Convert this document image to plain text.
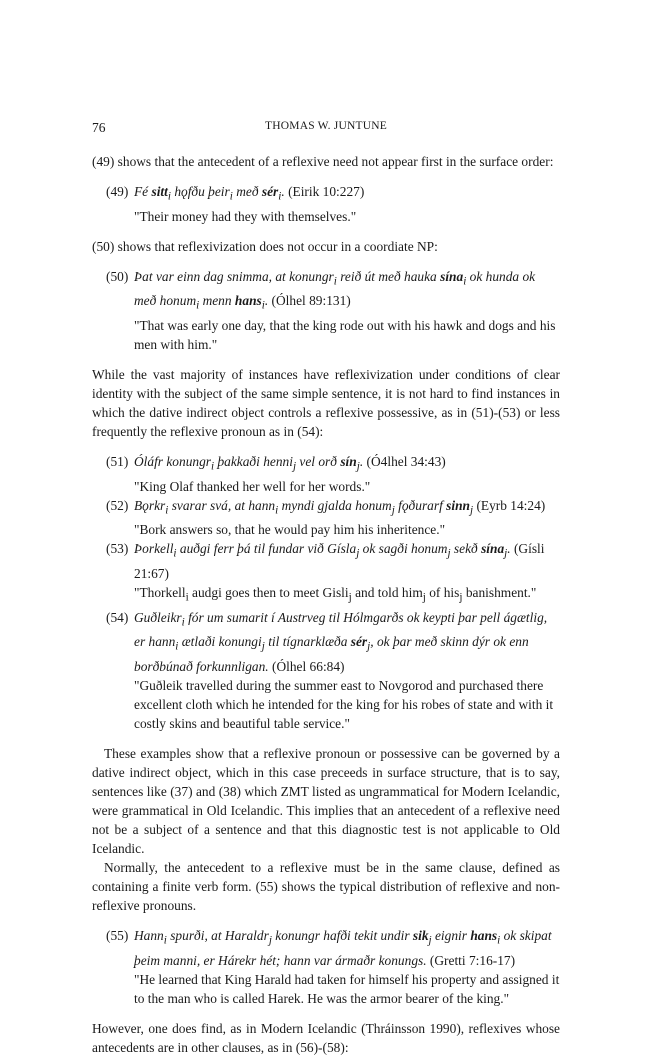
76	THOMAS W. JUNTUNE

(49) shows that the antecedent of a reflexive need not appear first in the surface order:

(49) Fé sitt$_i$ hǫfðu þeir$_i$ með sér$_i$. (Eirik 10:227)

"Their money had they with themselves."

(50) shows that reflexivization does not occur in a coordiate NP:

(50) Þat var einn dag snimma, at konungr$_i$ reið út með hauka sína$_i$ ok hunda ok með honum$_i$ menn hans$_i$. (Ólhel 89:131)

"That was early one day, that the king rode out with his hawk and dogs and his men with him."

While the vast majority of instances have reflexivization under conditions of clear identity with the subject of the same simple sentence, it is not hard to find instances in which the dative indirect object controls a reflexive possessive, as in (51)-(53) or less frequently the reflexive pronoun as in (54):

(51) Óláfr konungr$_i$ þakkaði henni$_j$ vel orð sín$_j$. (Ó4lhel 34:43)

"King Olaf thanked her well for her words."

(52) Bǫrkr$_i$ svarar svá, at hann$_i$ myndi gjalda honum$_j$ fǫðurarf sinn$_j$ (Eyrb 14:24)

"Bork answers so, that he would pay him his inheritence."

(53) Þorkell$_i$ auðgi ferr þá til fundar við Gísla$_j$ ok sagði honum$_j$ sekð sína$_j$. (Gísli 21:67)

"Thorkell$_i$ audgi goes then to meet Gisli$_j$ and told him$_j$ of his$_j$ banishment."

(54) Guðleikr$_i$ fór um sumarit í Austrveg til Hólmgarðs ok keypti þar pell ágætlig, er hann$_i$ ætlaði konungi$_j$ til tígnarklæða sér$_j$, ok þar með skinn dýr ok enn borðbúnað forkunnligan. (Ólhel 66:84)

"Guðleik travelled during the summer east to Novgorod and purchased there excellent cloth which he intended for the king for his robes of state and with it costly skins and beautiful table service."

These examples show that a reflexive pronoun or possessive can be governed by a dative indirect object, which in this case preceeds in surface structure, that is to say, sentences like (37) and (38) which ZMT listed as ungrammatical for Modern Icelandic, were grammatical in Old Icelandic. This implies that an antecedent of a reflexive need not be a subject of a sentence and that this diagnostic test is not applicable to Old Icelandic.

Normally, the antecedent to a reflexive must be in the same clause, defined as containing a finite verb form. (55) shows the typical distribution of reflexive and non-reflexive pronouns.

(55) Hann$_i$ spurði, at Haraldr$_j$ konungr hafði tekit undir sik$_j$ eignir hans$_i$ ok skipat þeim manni, er Hárekr hét; hann var ármaðr konungs. (Gretti 7:16-17)

"He learned that King Harald had taken for himself his property and assigned it to the man who is called Harek. He was the armor bearer of the king."

However, one does find, as in Modern Icelandic (Thráinsson 1990), reflexives whose antecedents are in other clauses, as in (56)-(58):
